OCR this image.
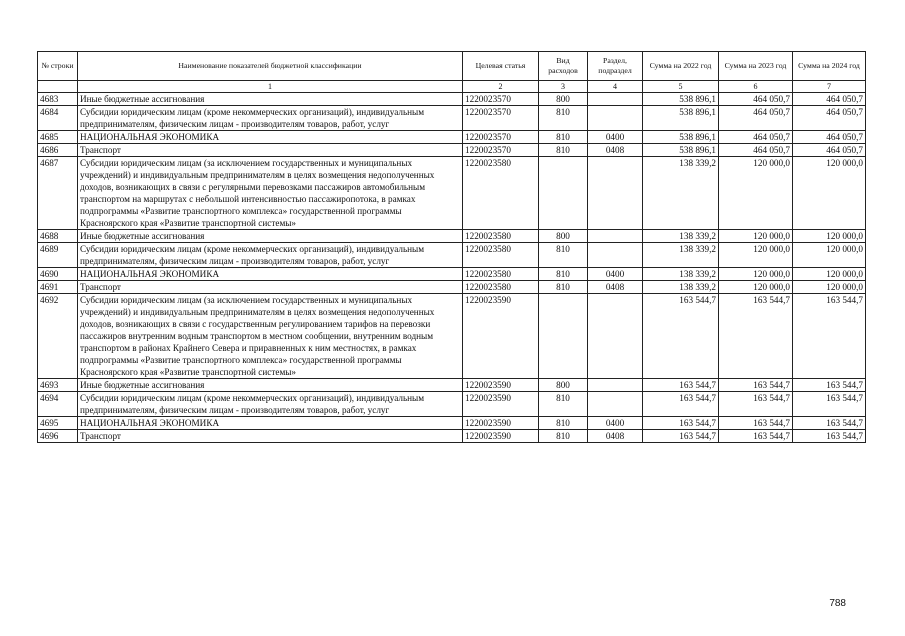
№ строки	Наименование показателей бюджетной классификации	Целевая статья	Вид расходов	Раздел, подраздел	Сумма на 2022 год	Сумма на 2023 год	Сумма на 2024 год
	1	2	3	4	5	6	7
4683	Иные бюджетные ассигнования	1220023570	800		538 896,1	464 050,7	464 050,7
4684	Субсидии юридическим лицам (кроме некоммерческих организаций), индивидуальным предпринимателям, физическим лицам - производителям товаров, работ, услуг	1220023570	810		538 896,1	464 050,7	464 050,7
4685	НАЦИОНАЛЬНАЯ ЭКОНОМИКА	1220023570	810	0400	538 896,1	464 050,7	464 050,7
4686	Транспорт	1220023570	810	0408	538 896,1	464 050,7	464 050,7
4687	Субсидии юридическим лицам (за исключением государственных и муниципальных учреждений) и индивидуальным предпринимателям в целях возмещения недополученных доходов, возникающих в связи с регулярными перевозками пассажиров автомобильным транспортом на маршрутах с небольшой интенсивностью пассажиропотока, в рамках подпрограммы «Развитие транспортного комплекса» государственной программы Красноярского края «Развитие транспортной системы»	1220023580			138 339,2	120 000,0	120 000,0
4688	Иные бюджетные ассигнования	1220023580	800		138 339,2	120 000,0	120 000,0
4689	Субсидии юридическим лицам (кроме некоммерческих организаций), индивидуальным предпринимателям, физическим лицам - производителям товаров, работ, услуг	1220023580	810		138 339,2	120 000,0	120 000,0
4690	НАЦИОНАЛЬНАЯ ЭКОНОМИКА	1220023580	810	0400	138 339,2	120 000,0	120 000,0
4691	Транспорт	1220023580	810	0408	138 339,2	120 000,0	120 000,0
4692	Субсидии юридическим лицам (за исключением государственных и муниципальных учреждений) и индивидуальным предпринимателям в целях возмещения недополученных доходов, возникающих в связи с государственным регулированием тарифов на перевозки пассажиров внутренним водным транспортом в местном сообщении, внутренним водным транспортом в районах Крайнего Севера и приравненных к ним местностях, в рамках подпрограммы «Развитие транспортного комплекса» государственной программы Красноярского края «Развитие транспортной системы»	1220023590			163 544,7	163 544,7	163 544,7
4693	Иные бюджетные ассигнования	1220023590	800		163 544,7	163 544,7	163 544,7
4694	Субсидии юридическим лицам (кроме некоммерческих организаций), индивидуальным предпринимателям, физическим лицам - производителям товаров, работ, услуг	1220023590	810		163 544,7	163 544,7	163 544,7
4695	НАЦИОНАЛЬНАЯ ЭКОНОМИКА	1220023590	810	0400	163 544,7	163 544,7	163 544,7
4696	Транспорт	1220023590	810	0408	163 544,7	163 544,7	163 544,7
788
